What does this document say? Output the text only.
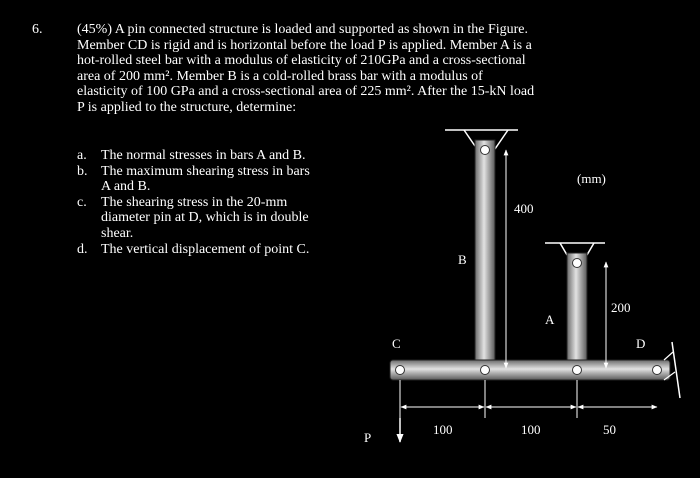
6. (45%) A pin connected structure is loaded and supported as shown in the Figure.
Member CD is rigid and is horizontal before the load P is applied. Member A is a
hot-rolled steel bar with a modulus of elasticity of 210GPa and a cross-sectional
area of 200 mm². Member B is a cold-rolled brass bar with a modulus of
elasticity of 100 GPa and a cross-sectional area of 225 mm². After the 15-kN load
P is applied to the structure, determine:
a.	The normal stresses in bars A and B.
b. The maximum shearing stress in bars
A and B.
c.	The shearing stress in the 20-mm
diameter pin at D, which is in double
shear.
d. The vertical displacement of point C.
(mm)
400
B
A
200
C	D
100	100	50
P
